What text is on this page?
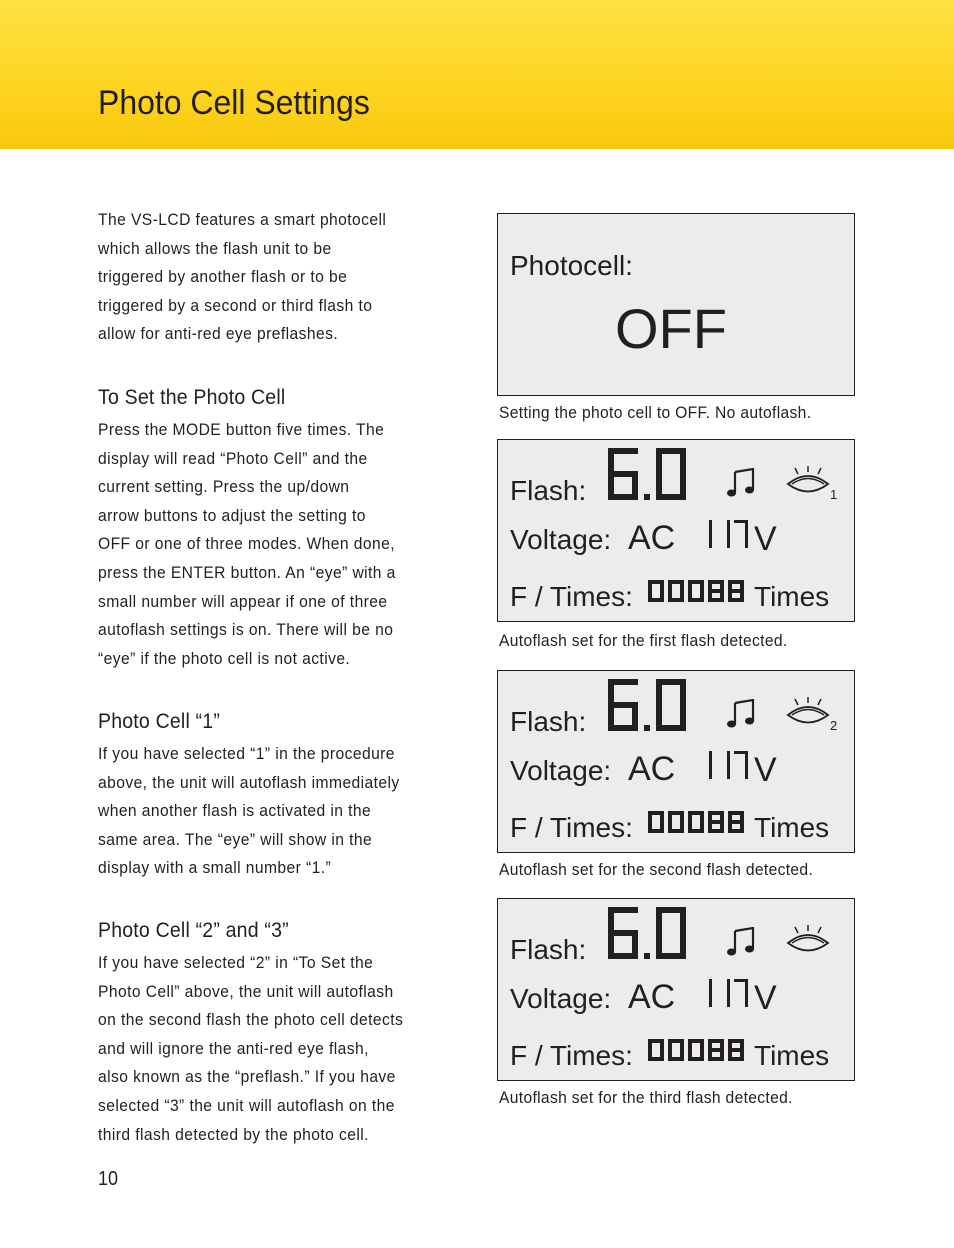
Photo Cell Settings

The VS-LCD features a smart photocell
which allows the flash unit to be
triggered by another flash or to be
triggered by a second or third flash to
allow for anti-red eye preflashes.

To Set the Photo Cell

Press the MODE button five times. The
display will read “Photo Cell” and the
current setting. Press the up/down
arrow buttons to adjust the setting to
OFF or one of three modes. When done,
press the ENTER button. An “eye” with a
small number will appear if one of three
autoflash settings is on. There will be no
“eye” if the photo cell is not active.

Photo Cell “1”

If you have selected “1” in the procedure
above, the unit will autoflash immediately
when another flash is activated in the
same area. The “eye” will show in the
display with a small number “1.”

Photo Cell “2” and “3”

If you have selected “2” in “To Set the
Photo Cell” above, the unit will autoflash
on the second flash the photo cell detects
and will ignore the anti-red eye flash,
also known as the “preflash.” If you have
selected “3” the unit will autoflash on the
third flash detected by the photo cell.

10
Photocell:
OFF
Setting the photo cell to OFF. No autoflash.
Flash:	1
Voltage: AC V
F / Times:	Times
Autoflash set for the first flash detected.
Flash:	2
Voltage: AC V
F / Times:	Times
Autoflash set for the second flash detected.
Flash:
Voltage: AC V
F / Times:	Times
Autoflash set for the third flash detected.
